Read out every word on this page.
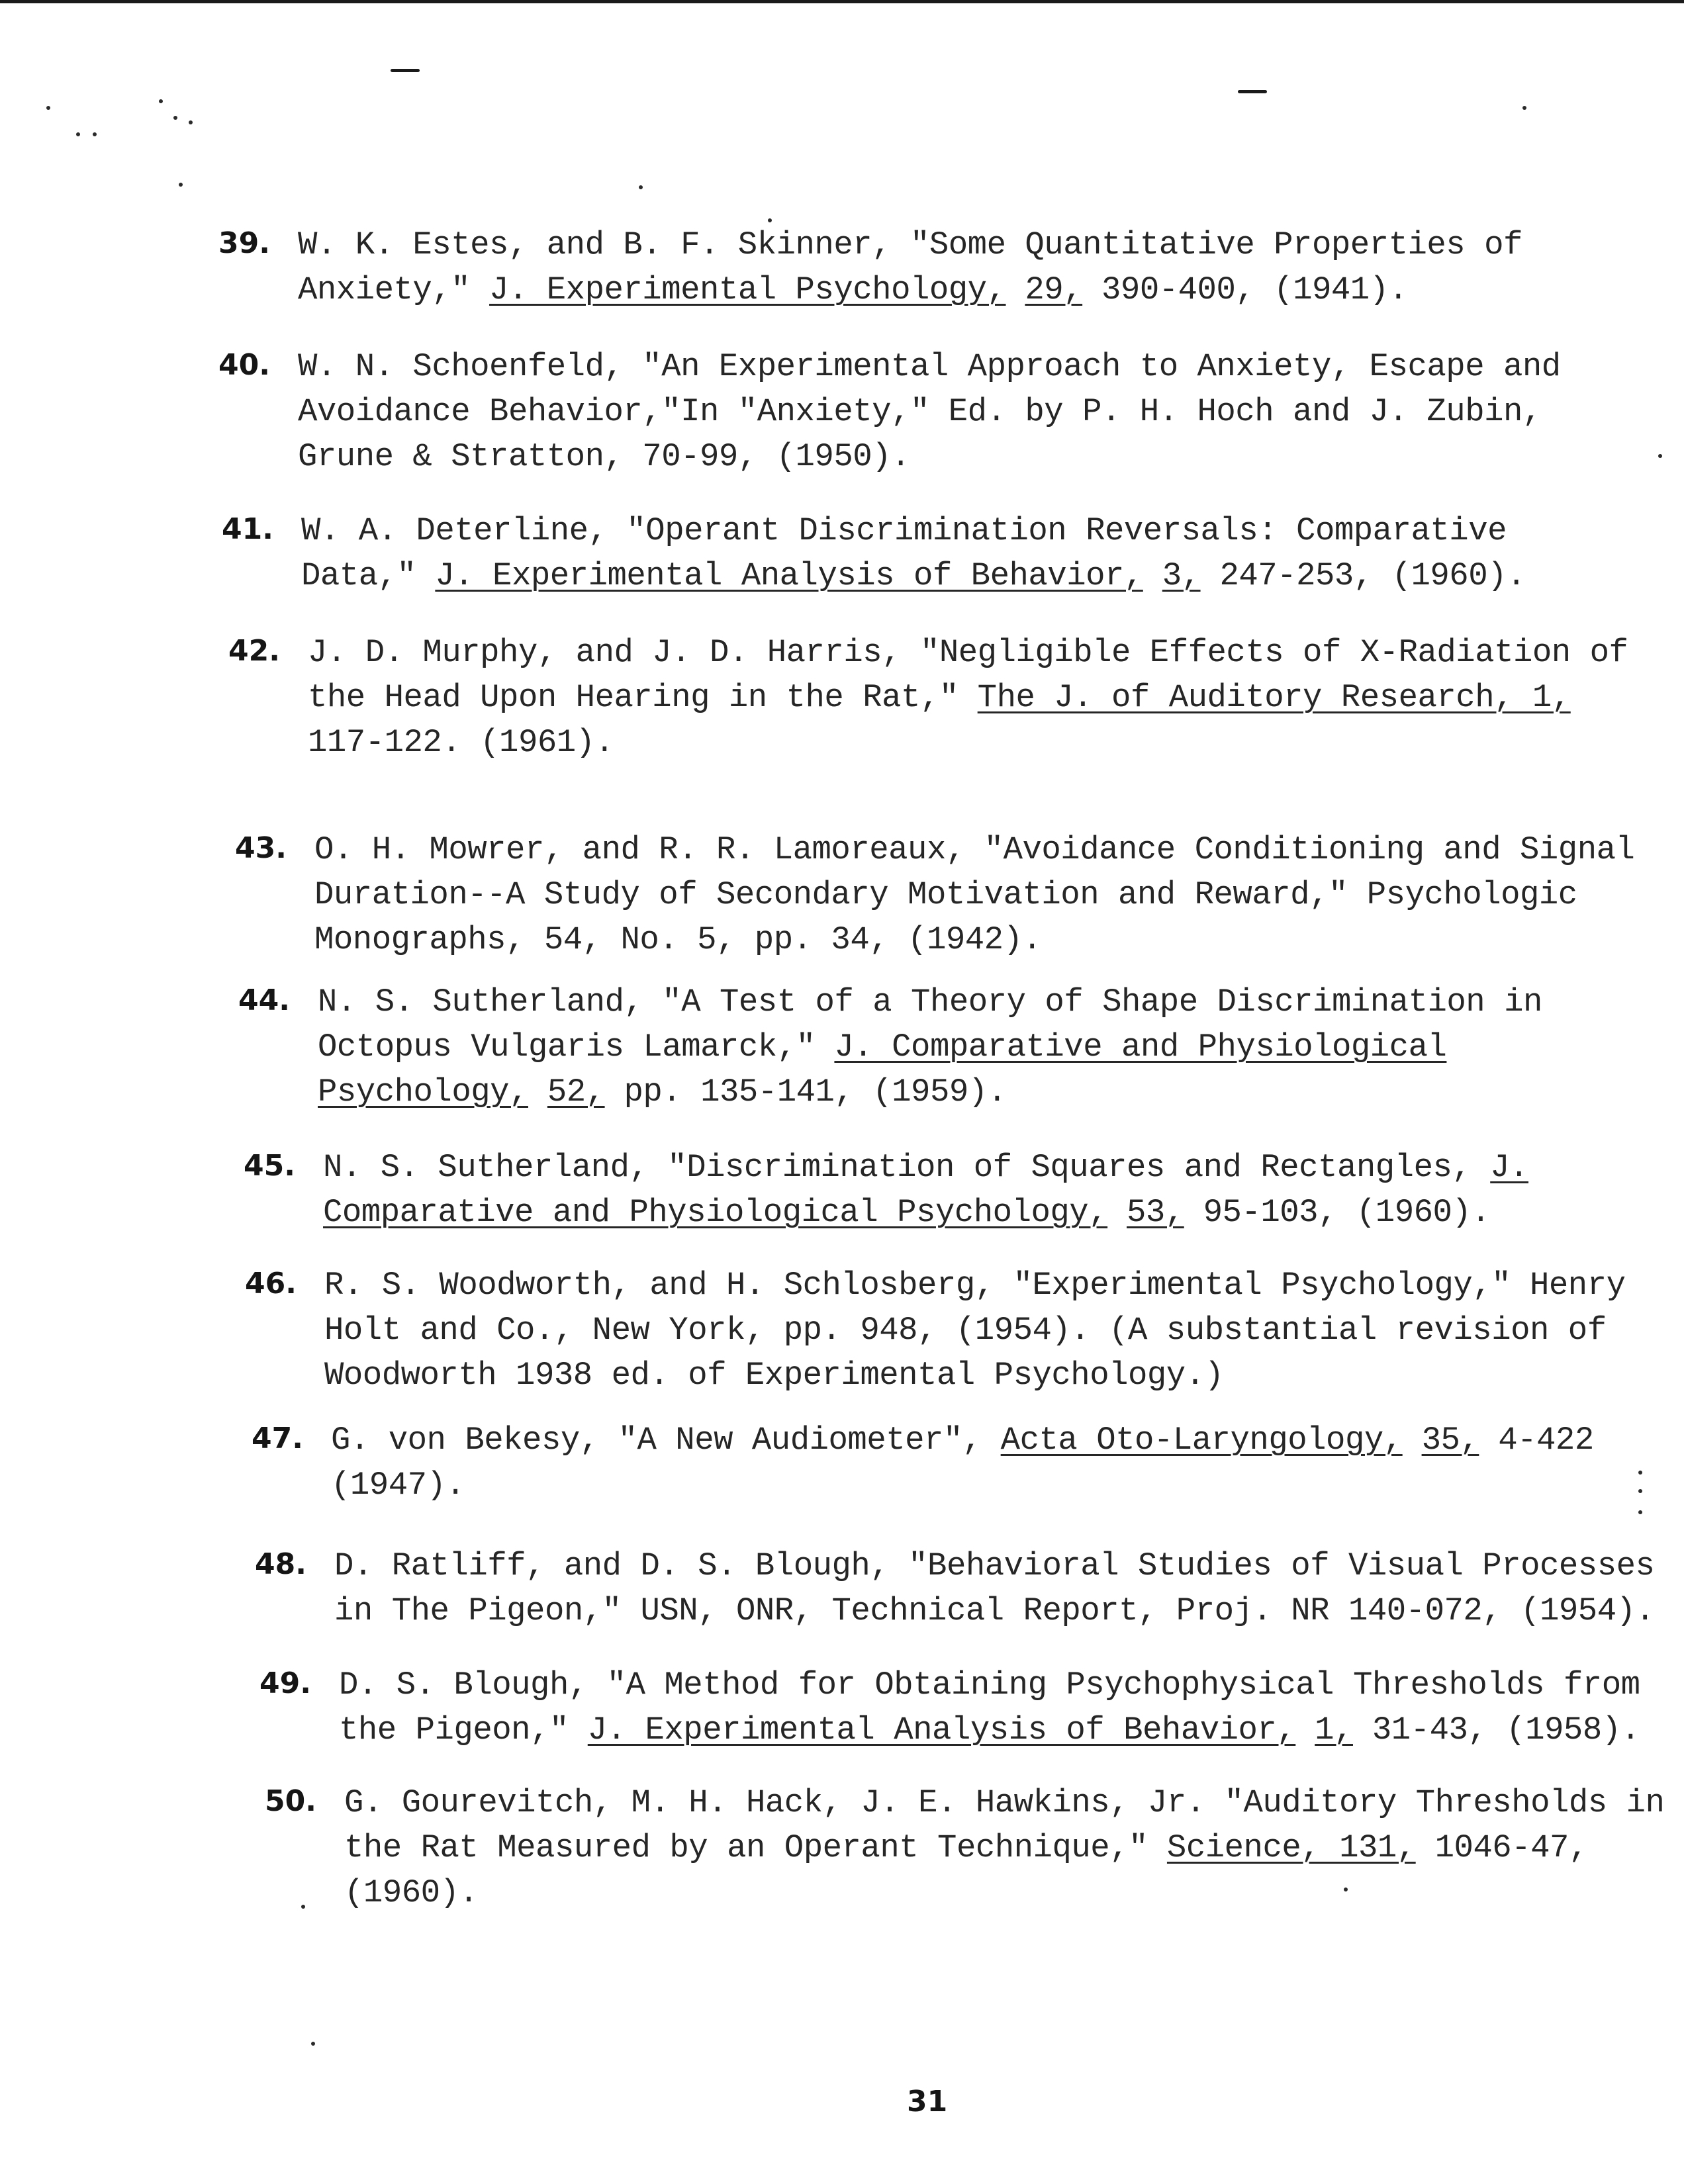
39. W. K. Estes, and B. F. Skinner, "Some Quantitative Properties of Anxiety," J. Experimental Psychology, 29, 390-400, (1941).
40. W. N. Schoenfeld, "An Experimental Approach to Anxiety, Escape and Avoidance Behavior,"In "Anxiety," Ed. by P. H. Hoch and J. Zubin, Grune & Stratton, 70-99, (1950).
41. W. A. Deterline, "Operant Discrimination Reversals: Comparative Data," J. Experimental Analysis of Behavior, 3, 247-253, (1960).
42. J. D. Murphy, and J. D. Harris, "Negligible Effects of X-Radiation of the Head Upon Hearing in the Rat," The J. of Auditory Research, 1, 117-122. (1961).
43. O. H. Mowrer, and R. R. Lamoreaux, "Avoidance Conditioning and Signal Duration--A Study of Secondary Motivation and Reward," Psychologic Monographs, 54, No. 5, pp. 34, (1942).
44. N. S. Sutherland, "A Test of a Theory of Shape Discrimination in Octopus Vulgaris Lamarck," J. Comparative and Physiological Psychology, 52, pp. 135-141, (1959).
45. N. S. Sutherland, "Discrimination of Squares and Rectangles, J. Comparative and Physiological Psychology, 53, 95-103, (1960).
46. R. S. Woodworth, and H. Schlosberg, "Experimental Psychology," Henry Holt and Co., New York, pp. 948, (1954). (A substantial revision of Woodworth 1938 ed. of Experimental Psychology.)
47. G. von Bekesy, "A New Audiometer", Acta Oto-Laryngology, 35, 4-422 (1947).
48. D. Ratliff, and D. S. Blough, "Behavioral Studies of Visual Processes in The Pigeon," USN, ONR, Technical Report, Proj. NR 140-072, (1954).
49. D. S. Blough, "A Method for Obtaining Psychophysical Thresholds from the Pigeon," J. Experimental Analysis of Behavior, 1, 31-43, (1958).
50. G. Gourevitch, M. H. Hack, J. E. Hawkins, Jr. "Auditory Thresholds in the Rat Measured by an Operant Technique," Science, 131, 1046-47, (1960).
31
